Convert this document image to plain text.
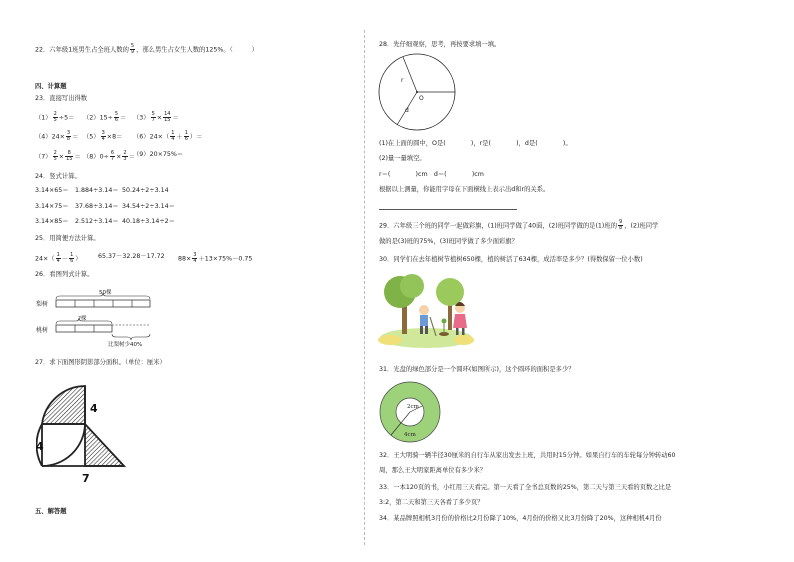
22．六年级1班男生占全班人数的 $\frac{5}{9}$ ，那么男生占女生人数的125%。（　　　）
四、计算题
23．直接写出得数
$(1) \frac{2}{5} \div 5= (2)15\div \frac{5}{6} = (3) \frac{5}{7} \times \frac{14}{15}$ ＝
$(4)24\times \frac{3}{8} = (5) \frac{3}{4} \times 8= (6)24\times( \frac{1}{4} + \frac{1}{6}$ ）＝
$(7) \frac{2}{5} \times \frac{8}{15} = (8)0\div \frac{6}{7} \times \frac{2}{3}$ ＝
（9）20×75%＝
24．竖式计算。
3.14×65＝ 1.884÷3.14＝ 50.24÷2÷3.14
3.14×75＝ 37.68÷3.14＝ 34.54÷2÷3.14＝
3.14×85＝ 2.512÷3.14＝ 40.18÷3.14÷2＝
25．用简便方法计算。
$24\times( \frac{1}{4} - \frac{1}{6}$ ）	65.37－32.28－17.72 $88\times \frac{3}{4} +13\times 75\%-0.75$
26．看图列式计算。
梨树
桃树
50棵
?棵
比梨树少40%
27．求下面图形阴影部分面积。（单位：厘米）
4
4
7
五、解答题
28．先仔细观察，思考，再按要求填一填。
r
O
d
(1)在上面的圆中，O是(　　　　)，r是(　　　　)，d是(　　　　)。
(2)量一量填空。
r＝(　　　　)cm　d＝(　　　　)cm
根据以上测量，你能用字母在下面横线上表示出d和r的关系。
29．六年级三个班的同学一起做彩旗，(1)班同学做了40面，(2)班同学做的是(1)班的 $\frac{9}{8}$ ，(2)班同学
做的是(3)班的75%，(3)班同学做了多少面彩旗？
30．同学们在去年植树节植树650棵，植的树活了634棵，成活率是多少？(得数保留一位小数)
31．光盘的绿色部分是一个圆环(如图所示)，这个圆环的面积是多少？
2cm
4cm
32．王大明骑一辆半径30厘米的自行车从家出发去上班，共用时15分钟。如果自行车的车轮每分钟转动60
周，那么王大明家距离单位有多少米？
33．一本120页的书，小红用三天看完。第一天看了全书总页数的25%，第二天与第三天看的页数之比是
3:2，第二天和第三天各看了多少页？
34．某品牌照相机3月份的价格比2月份降了10%，4月份的价格又比3月份降了20%，这种相机4月份
